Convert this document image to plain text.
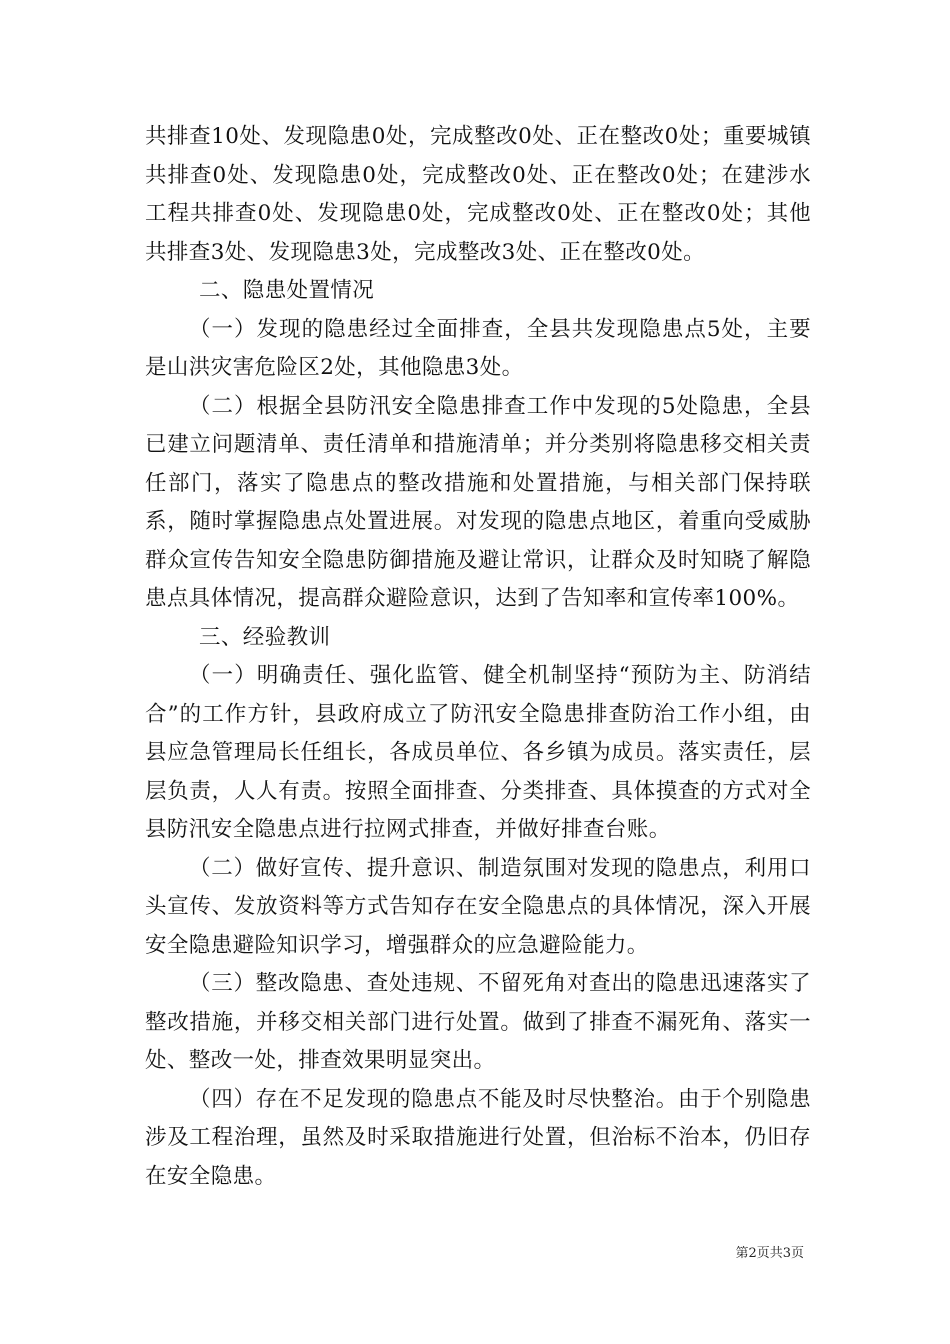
共排查10处、发现隐患0处，完成整改0处、正在整改0处；重要城镇共排查0处、发现隐患0处，完成整改0处、正在整改0处；在建涉水工程共排查0处、发现隐患0处，完成整改0处、正在整改0处；其他共排查3处、发现隐患3处，完成整改3处、正在整改0处。

二、隐患处置情况

（一）发现的隐患经过全面排查，全县共发现隐患点5处，主要是山洪灾害危险区2处，其他隐患3处。

（二）根据全县防汛安全隐患排查工作中发现的5处隐患，全县已建立问题清单、责任清单和措施清单；并分类别将隐患移交相关责任部门，落实了隐患点的整改措施和处置措施，与相关部门保持联系，随时掌握隐患点处置进展。对发现的隐患点地区，着重向受威胁群众宣传告知安全隐患防御措施及避让常识，让群众及时知晓了解隐患点具体情况，提高群众避险意识，达到了告知率和宣传率100%。

三、经验教训

（一）明确责任、强化监管、健全机制坚持“预防为主、防消结合”的工作方针，县政府成立了防汛安全隐患排查防治工作小组，由县应急管理局长任组长，各成员单位、各乡镇为成员。落实责任，层层负责，人人有责。按照全面排查、分类排查、具体摸查的方式对全县防汛安全隐患点进行拉网式排查，并做好排查台账。

（二）做好宣传、提升意识、制造氛围对发现的隐患点，利用口头宣传、发放资料等方式告知存在安全隐患点的具体情况，深入开展安全隐患避险知识学习，增强群众的应急避险能力。

（三）整改隐患、查处违规、不留死角对查出的隐患迅速落实了整改措施，并移交相关部门进行处置。做到了排查不漏死角、落实一处、整改一处，排查效果明显突出。

（四）存在不足发现的隐患点不能及时尽快整治。由于个别隐患涉及工程治理，虽然及时采取措施进行处置，但治标不治本，仍旧存在安全隐患。

第2页共3页
